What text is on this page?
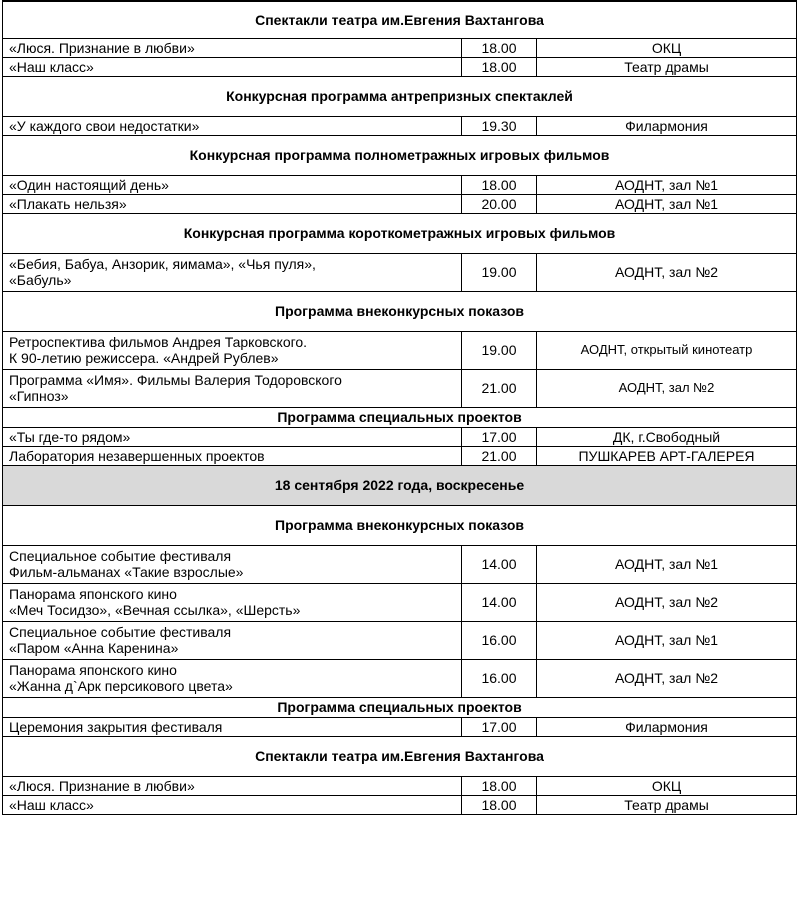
Спектакли театра им.Евгения Вахтангова		

«Люся. Признание в любви»	18.00	ОКЦ

«Наш класс»	18.00	Театр драмы
Конкурсная программа антрепризных спектаклей		

«У каждого свои недостатки»	19.30	Филармония
Конкурсная программа полнометражных игровых фильмов		

«Один настоящий день»	18.00	АОДНТ, зал №1

«Плакать нельзя»	20.00	АОДНТ, зал №1
Конкурсная программа короткометражных игровых фильмов		

«Бебия, Бабуа, Анзорик, яимама», «Чья пуля»,
«Бабуль»	19.00	АОДНТ, зал №2
Программа внеконкурсных показов		

Ретроспектива фильмов Андрея Тарковского.
К 90-летию режиссера. «Андрей Рублев»	19.00	АОДНТ, открытый кинотеатр

Программа «Имя». Фильмы Валерия Тодоровского
«Гипноз»	21.00	АОДНТ, зал №2
Программа специальных проектов		

«Ты где-то рядом»	17.00	ДК, г.Свободный

Лаборатория незавершенных проектов	21.00	ПУШКАРЕВ АРТ-ГАЛЕРЕЯ
18 сентября 2022 года, воскресенье		
Программа внеконкурсных показов		

Специальное событие фестиваля
Фильм-альманах «Такие взрослые»	14.00	АОДНТ, зал №1

Панорама японского кино
«Меч Тосидзо», «Вечная ссылка», «Шерсть»	14.00	АОДНТ, зал №2

Специальное событие фестиваля
«Паром «Анна Каренина»	16.00	АОДНТ, зал №1

Панорама японского кино
«Жанна д`Арк персикового цвета»	16.00	АОДНТ, зал №2
Программа специальных проектов		

Церемония закрытия фестиваля	17.00	Филармония
Спектакли театра им.Евгения Вахтангова		

«Люся. Признание в любви»	18.00	ОКЦ

«Наш класс»	18.00	Театр драмы
